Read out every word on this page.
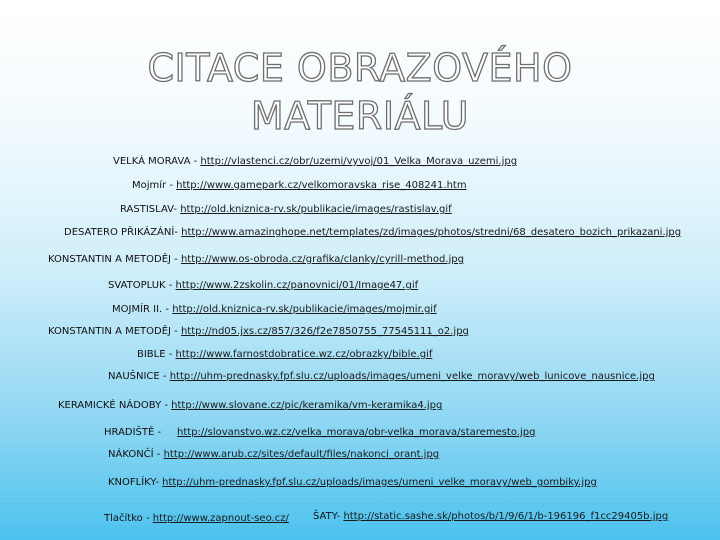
CITACE OBRAZOVÉHO
MATERIÁLU
VELKÁ MORAVA - http://vlastenci.cz/obr/uzemi/vyvoj/01_Velka_Morava_uzemi.jpg
Mojmír - http://www.gamepark.cz/velkomoravska_rise_408241.htm
RASTISLAV- http://old.kniznica-rv.sk/publikacie/images/rastislav.gif
DESATERO PŘIKÁZÁNÍ- http://www.amazinghope.net/templates/zd/images/photos/stredni/68_desatero_bozich_prikazani.jpg
KONSTANTIN A METODĚJ - http://www.os-obroda.cz/grafika/clanky/cyrill-method.jpg
SVATOPLUK - http://www.2zskolin.cz/panovnici/01/Image47.gif
MOJMÍR II. - http://old.kniznica-rv.sk/publikacie/images/mojmir.gif
KONSTANTIN A METODĚJ - http://nd05.jxs.cz/857/326/f2e7850755_77545111_o2.jpg
BIBLE - http://www.farnostdobratice.wz.cz/obrazky/bible.gif
NAUŠNICE - http://uhm-prednasky.fpf.slu.cz/uploads/images/umeni_velke_moravy/web_lunicove_nausnice.jpg
KERAMICKÉ NÁDOBY - http://www.slovane.cz/pic/keramika/vm-keramika4.jpg
HRADIŠTĚ -     http://slovanstvo.wz.cz/velka_morava/obr-velka_morava/staremesto.jpg
NÁKONČÍ - http://www.arub.cz/sites/default/files/nakonci_orant.jpg
KNOFLÍKY- http://uhm-prednasky.fpf.slu.cz/uploads/images/umeni_velke_moravy/web_gombiky.jpg
Tlačítko - http://www.zapnout-seo.cz/ ŠATY- http://static.sashe.sk/photos/b/1/9/6/1/b-196196_f1cc29405b.jpg
